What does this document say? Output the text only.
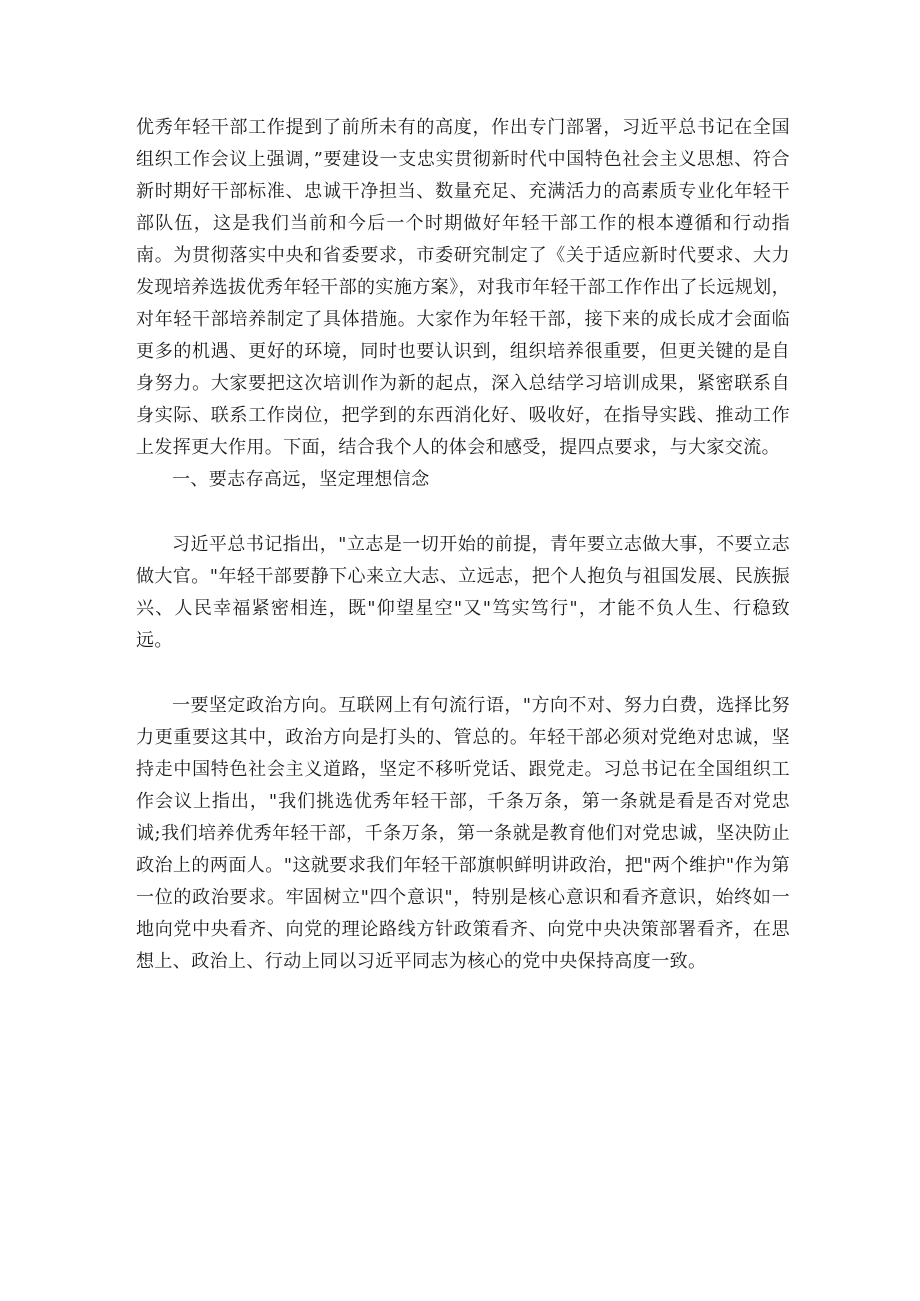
优秀年轻干部工作提到了前所未有的高度，作出专门部署，习近平总书记在全国组织工作会议上强调，”要建设一支忠实贯彻新时代中国特色社会主义思想、符合新时期好干部标准、忠诚干净担当、数量充足、充满活力的高素质专业化年轻干部队伍，这是我们当前和今后一个时期做好年轻干部工作的根本遵循和行动指南。为贯彻落实中央和省委要求，市委研究制定了《关于适应新时代要求、大力发现培养选拔优秀年轻干部的实施方案》，对我市年轻干部工作作出了长远规划，对年轻干部培养制定了具体措施。大家作为年轻干部，接下来的成长成才会面临更多的机遇、更好的环境，同时也要认识到，组织培养很重要，但更关键的是自身努力。大家要把这次培训作为新的起点，深入总结学习培训成果，紧密联系自身实际、联系工作岗位，把学到的东西消化好、吸收好，在指导实践、推动工作上发挥更大作用。下面，结合我个人的体会和感受，提四点要求，与大家交流。

一、要志存高远，坚定理想信念

习近平总书记指出，"立志是一切开始的前提，青年要立志做大事，不要立志做大官。"年轻干部要静下心来立大志、立远志，把个人抱负与祖国发展、民族振兴、人民幸福紧密相连，既"仰望星空"又"笃实笃行"，才能不负人生、行稳致远。

一要坚定政治方向。互联网上有句流行语，"方向不对、努力白费，选择比努力更重要这其中，政治方向是打头的、管总的。年轻干部必须对党绝对忠诚，坚持走中国特色社会主义道路，坚定不移听党话、跟党走。习总书记在全国组织工作会议上指出，"我们挑选优秀年轻干部，千条万条，第一条就是看是否对党忠诚;我们培养优秀年轻干部，千条万条，第一条就是教育他们对党忠诚，坚决防止政治上的两面人。"这就要求我们年轻干部旗帜鲜明讲政治，把"两个维护"作为第一位的政治要求。牢固树立"四个意识"，特别是核心意识和看齐意识，始终如一地向党中央看齐、向党的理论路线方针政策看齐、向党中央决策部署看齐，在思想上、政治上、行动上同以习近平同志为核心的党中央保持高度一致。
